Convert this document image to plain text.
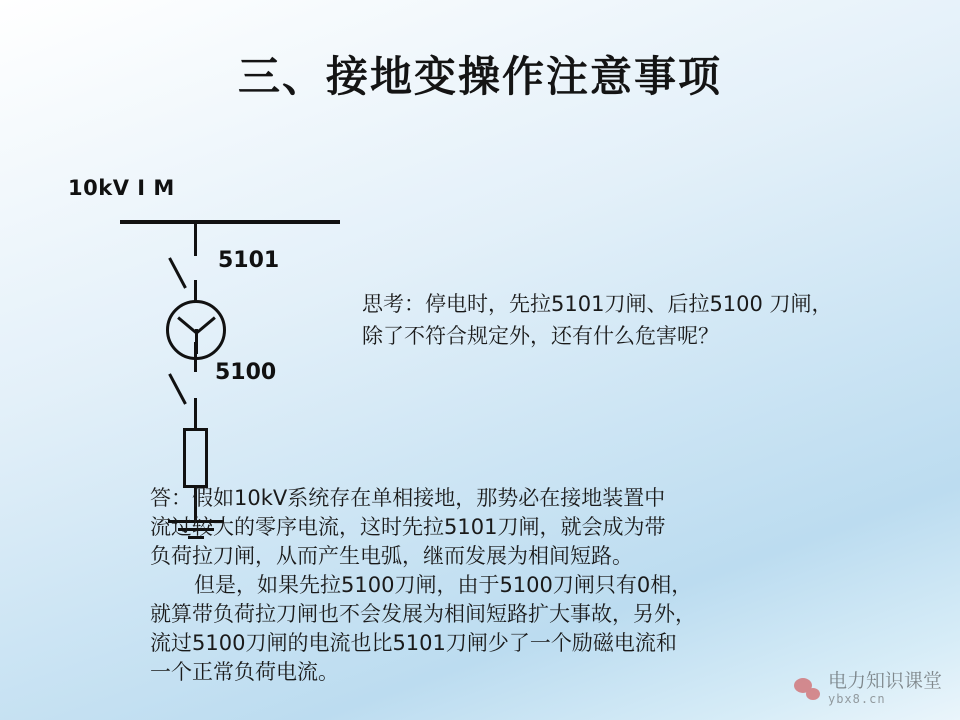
三、接地变操作注意事项
10kV I M
5101
5100
思考：停电时，先拉5101刀闸、后拉5100 刀闸，
除了不符合规定外，还有什么危害呢？
答：假如10kV系统存在单相接地，那势必在接地装置中
流过较大的零序电流，这时先拉5101刀闸，就会成为带
负荷拉刀闸，从而产生电弧，继而发展为相间短路。
但是，如果先拉5100刀闸，由于5100刀闸只有0相，
就算带负荷拉刀闸也不会发展为相间短路扩大事故，另外，
流过5100刀闸的电流也比5101刀闸少了一个励磁电流和
一个正常负荷电流。	电力知识课堂
ybx8.cn
